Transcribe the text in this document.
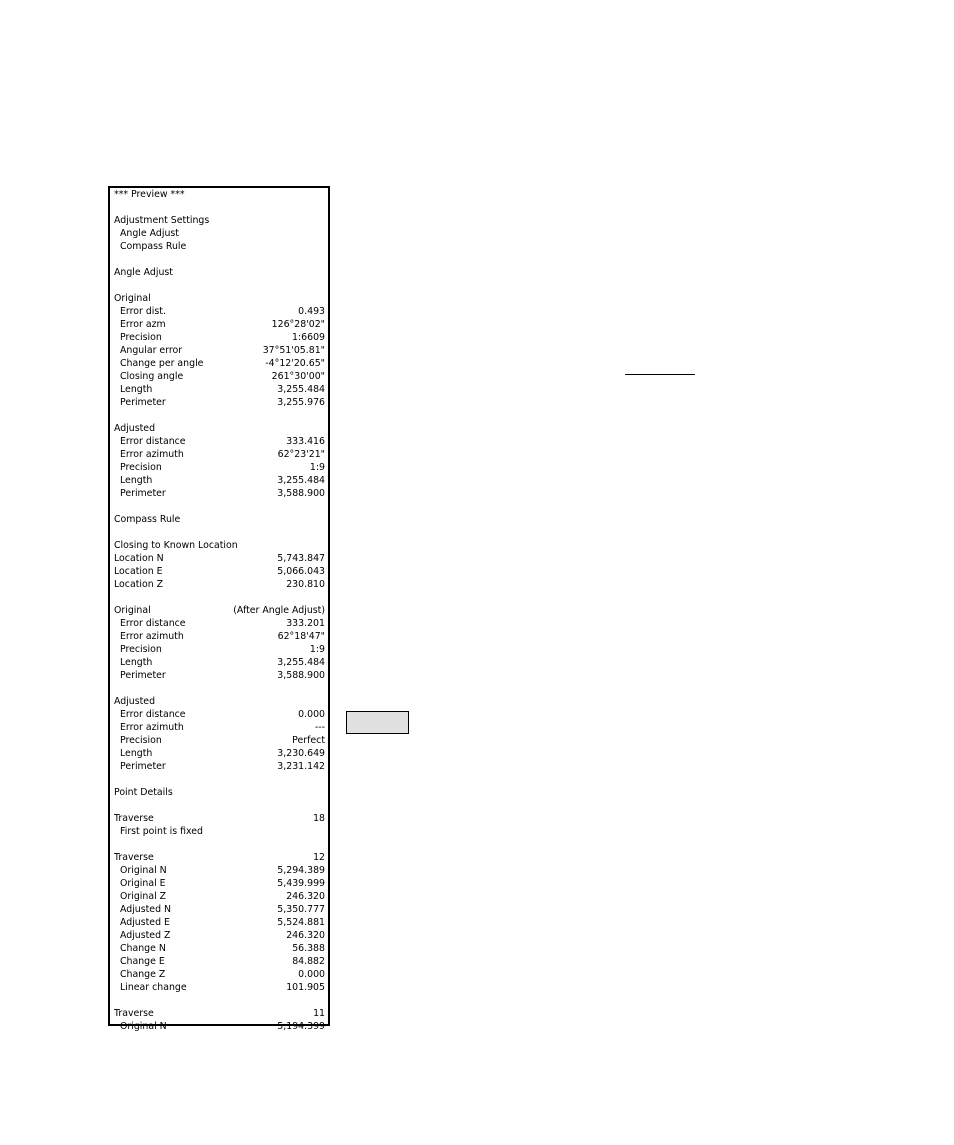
*** Preview ***
Adjustment Settings
Angle Adjust
Compass Rule
Angle Adjust
Original
Error dist.	0.493
Error azm	126°28'02"
Precision	1:6609
Angular error	37°51'05.81"
Change per angle	-4°12'20.65"
Closing angle	261°30'00"
Length	3,255.484
Perimeter	3,255.976
Adjusted
Error distance	333.416
Error azimuth	62°23'21"
Precision	1:9
Length	3,255.484
Perimeter	3,588.900
Compass Rule
Closing to Known Location
Location N	5,743.847
Location E	5,066.043
Location Z	230.810
Original	(After Angle Adjust)
Error distance	333.201
Error azimuth	62°18'47"
Precision	1:9
Length	3,255.484
Perimeter	3,588.900
Adjusted
Error distance	0.000
Error azimuth	---
Precision	Perfect
Length	3,230.649
Perimeter	3,231.142
Point Details
Traverse	18
First point is fixed
Traverse	12
Original N	5,294.389
Original E	5,439.999
Original Z	246.320
Adjusted N	5,350.777
Adjusted E	5,524.881
Adjusted Z	246.320
Change N	56.388
Change E	84.882
Change Z	0.000
Linear change	101.905
Traverse	11
Original N	5,194.399
